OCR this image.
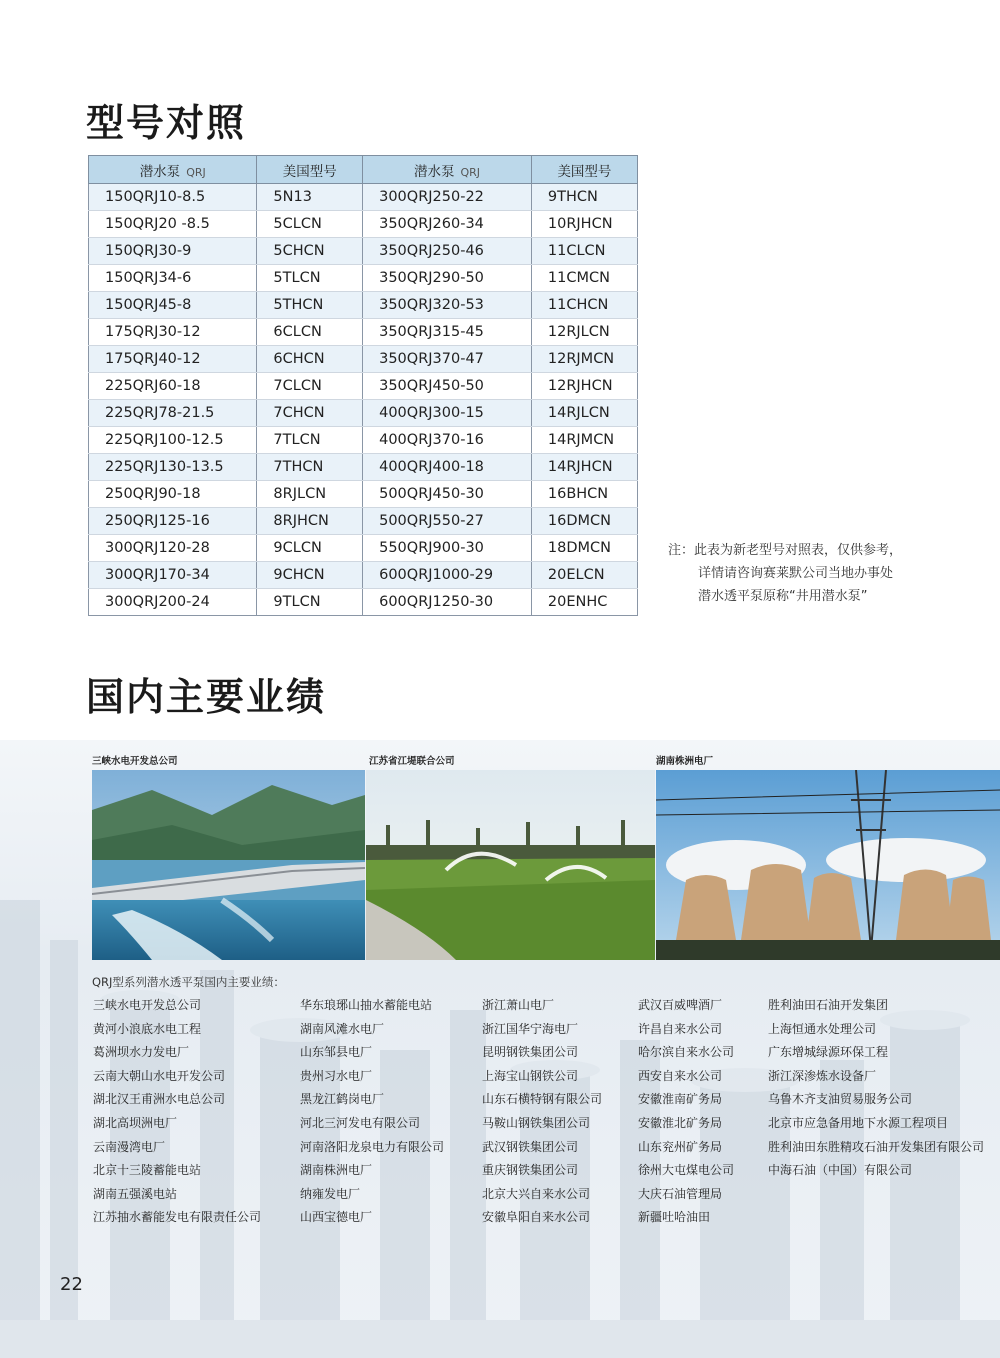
型号对照
潜水泵 QRJ	美国型号	潜水泵 QRJ	美国型号
150QRJ10-8.5	5N13	300QRJ250-22	9THCN
150QRJ20 -8.5	5CLCN	350QRJ260-34	10RJHCN
150QRJ30-9	5CHCN	350QRJ250-46	11CLCN
150QRJ34-6	5TLCN	350QRJ290-50	11CMCN
150QRJ45-8	5THCN	350QRJ320-53	11CHCN
175QRJ30-12	6CLCN	350QRJ315-45	12RJLCN
175QRJ40-12	6CHCN	350QRJ370-47	12RJMCN
225QRJ60-18	7CLCN	350QRJ450-50	12RJHCN
225QRJ78-21.5	7CHCN	400QRJ300-15	14RJLCN
225QRJ100-12.5	7TLCN	400QRJ370-16	14RJMCN
225QRJ130-13.5	7THCN	400QRJ400-18	14RJHCN
250QRJ90-18	8RJLCN	500QRJ450-30	16BHCN
250QRJ125-16	8RJHCN	500QRJ550-27	16DMCN
300QRJ120-28	9CLCN	550QRJ900-30	18DMCN
300QRJ170-34	9CHCN	600QRJ1000-29	20ELCN
300QRJ200-24	9TLCN	600QRJ1250-30	20ENHC
注：此表为新老型号对照表，仅供参考，
详情请咨询赛莱默公司当地办事处
潜水透平泵原称“井用潜水泵”
国内主要业绩
三峡水电开发总公司	江苏省江堤联合公司	湖南株洲电厂
QRJ型系列潜水透平泵国内主要业绩：
三峡水电开发总公司
黄河小浪底水电工程
葛洲坝水力发电厂
云南大朝山水电开发公司
湖北汉王甫洲水电总公司
湖北高坝洲电厂
云南漫湾电厂
北京十三陵蓄能电站
湖南五强溪电站
江苏抽水蓄能发电有限责任公司
华东琅琊山抽水蓄能电站
湖南风滩水电厂
山东邹县电厂
贵州习水电厂
黑龙江鹤岗电厂
河北三河发电有限公司
河南洛阳龙泉电力有限公司
湖南株洲电厂
纳雍发电厂
山西宝德电厂
浙江萧山电厂
浙江国华宁海电厂
昆明钢铁集团公司
上海宝山钢铁公司
山东石横特钢有限公司
马鞍山钢铁集团公司
武汉钢铁集团公司
重庆钢铁集团公司
北京大兴自来水公司
安徽阜阳自来水公司
武汉百威啤酒厂
许昌自来水公司
哈尔滨自来水公司
西安自来水公司
安徽淮南矿务局
安徽淮北矿务局
山东兖州矿务局
徐州大屯煤电公司
大庆石油管理局
新疆吐哈油田
胜利油田石油开发集团
上海恒通水处理公司
广东增城绿源环保工程
浙江深渗炼水设备厂
乌鲁木齐支油贸易服务公司
北京市应急备用地下水源工程项目
胜利油田东胜精攻石油开发集团有限公司
中海石油（中国）有限公司
22
